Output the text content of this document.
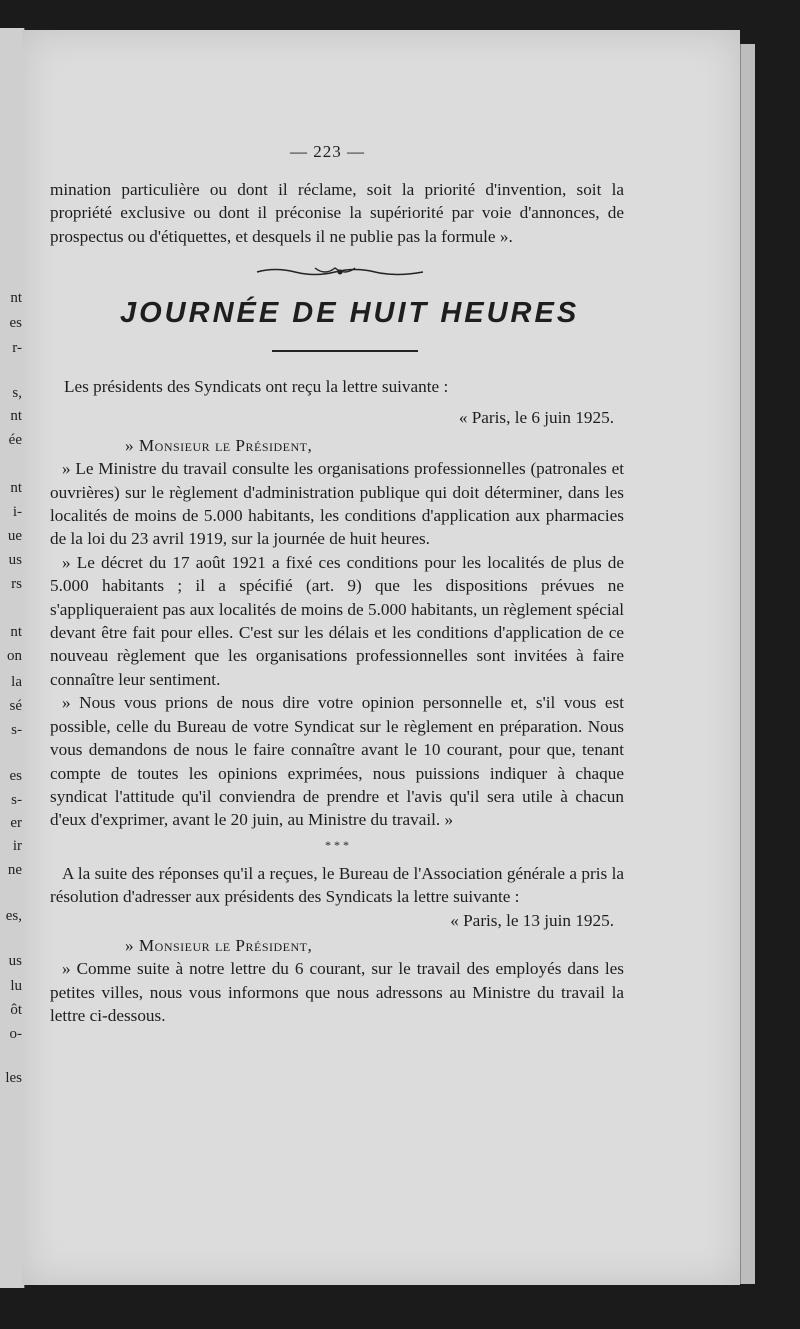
nt
es
r-
s,
nt
ée
nt
i-
ue
us
rs
nt
on
la
sé
s-
es
s-
er
ir
ne
es,
us
lu
ôt
o-
les
— 223 —

mination particulière ou dont il réclame, soit la priorité d'invention, soit la propriété exclusive ou dont il préconise la supériorité par voie d'annonces, de prospectus ou d'étiquettes, et desquels il ne publie pas la formule ».

JOURNÉE DE HUIT HEURES

Les présidents des Syndicats ont reçu la lettre suivante :

« Paris, le 6 juin 1925.

» Monsieur le Président,

» Le Ministre du travail consulte les organisations professionnelles (patronales et ouvrières) sur le règlement d'administration publique qui doit déterminer, dans les localités de moins de 5.000 habitants, les conditions d'application aux pharmacies de la loi du 23 avril 1919, sur la journée de huit heures.

» Le décret du 17 août 1921 a fixé ces conditions pour les localités de plus de 5.000 habitants ; il a spécifié (art. 9) que les dispositions prévues ne s'appliqueraient pas aux localités de moins de 5.000 habitants, un règlement spécial devant être fait pour elles. C'est sur les délais et les conditions d'application de ce nouveau règlement que les organisations professionnelles sont invitées à faire connaître leur sentiment.

» Nous vous prions de nous dire votre opinion personnelle et, s'il vous est possible, celle du Bureau de votre Syndicat sur le règlement en préparation. Nous vous demandons de nous le faire connaître avant le 10 courant, pour que, tenant compte de toutes les opinions exprimées, nous puissions indiquer à chaque syndicat l'attitude qu'il conviendra de prendre et l'avis qu'il sera utile à chacun d'eux d'exprimer, avant le 20 juin, au Ministre du travail. »

* * *

A la suite des réponses qu'il a reçues, le Bureau de l'Association générale a pris la résolution d'adresser aux présidents des Syndicats la lettre suivante :

« Paris, le 13 juin 1925.

» Monsieur le Président,

» Comme suite à notre lettre du 6 courant, sur le travail des employés dans les petites villes, nous vous informons que nous adressons au Ministre du travail la lettre ci-dessous.
